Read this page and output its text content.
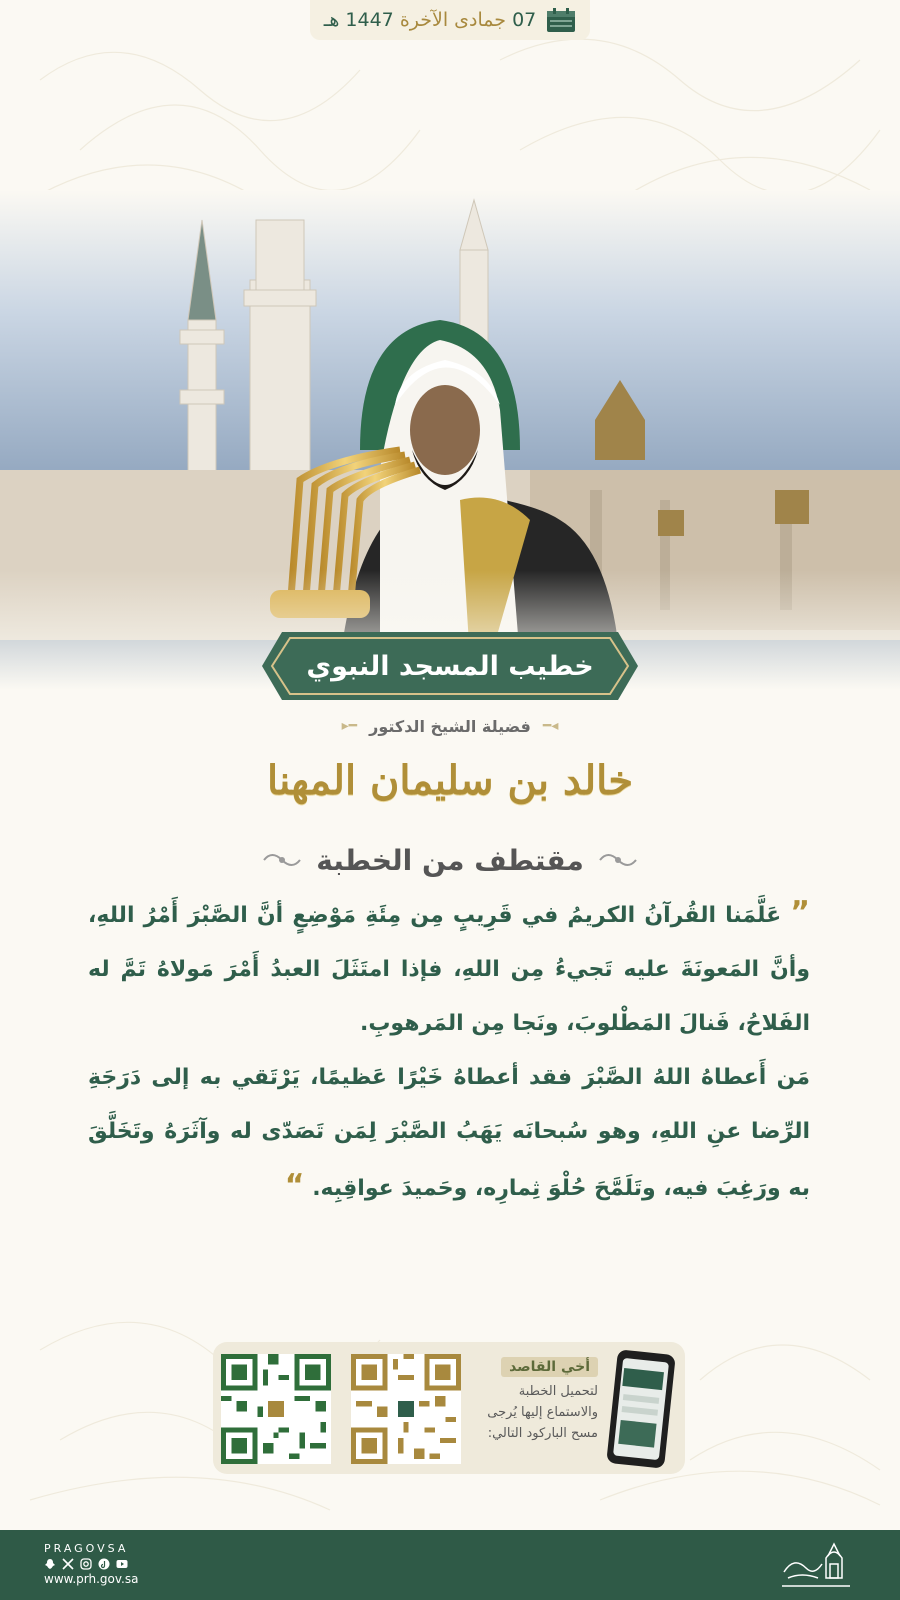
07 جمادى الآخرة 1447 هـ
خطيب المسجد النبوي
◂━
فضيلة الشيخ الدكتور
━▸
خالد بن سليمان المهنا
مقتطف من الخطبة

” عَلَّمَنا القُرآنُ الكريمُ في قَرِيبٍ مِن مِئَةِ مَوْضِعٍ أنَّ الصَّبْرَ أَمْرُ اللهِ، وأنَّ المَعونَةَ عليه تَجيءُ مِن اللهِ، فإذا امتَثَلَ العبدُ أَمْرَ مَولاهُ تَمَّ له الفَلاحُ، فَنالَ المَطْلوبَ، ونَجا مِن المَرهوبِ.

مَن أَعطاهُ اللهُ الصَّبْرَ فقد أعطاهُ خَيْرًا عَظيمًا، يَرْتَقي به إلى دَرَجَةِ الرِّضا عنِ اللهِ، وهو سُبحانَه يَهَبُ الصَّبْرَ لِمَن تَصَدّى له وآثَرَهُ وتَخَلَّقَ به ورَغِبَ فيه، وتَلَمَّحَ حُلْوَ ثِمارِه، وحَميدَ عواقِبِه. “

أخي القاصد
لتحميل الخطبة والاستماع إليها يُرجى مسح الباركود التالي:
PRAGOVSA
www.prh.gov.sa
